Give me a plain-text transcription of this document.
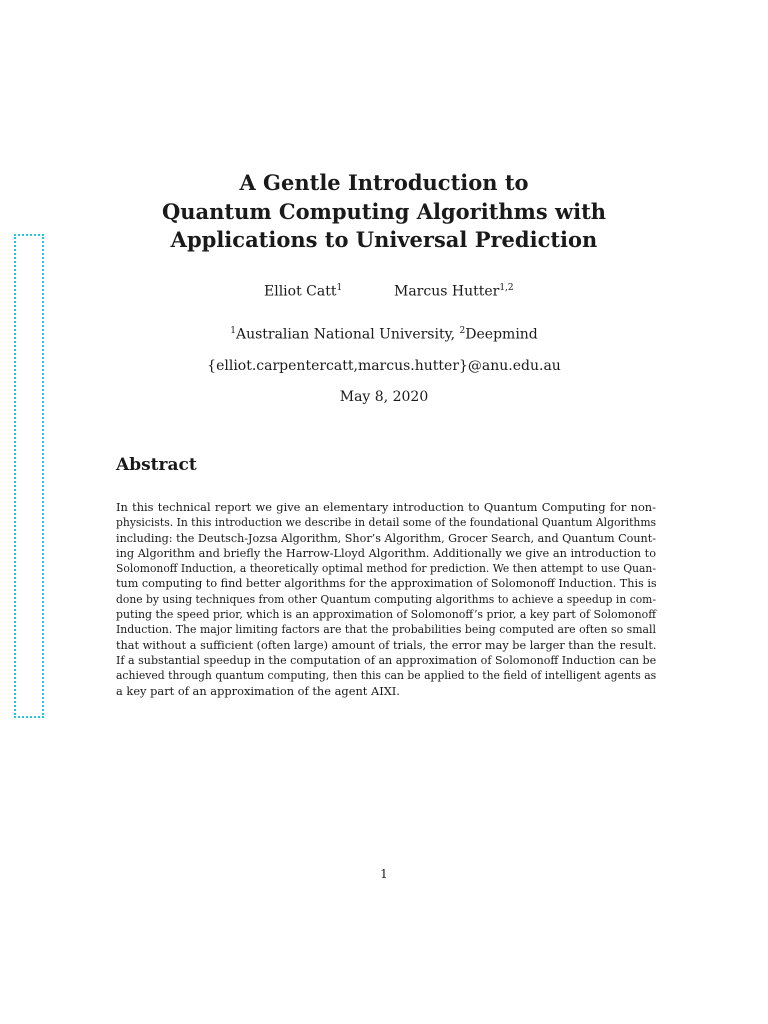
A Gentle Introduction to
Quantum Computing Algorithms with
Applications to Universal Prediction
Elliot Catt$^1$	Marcus Hutter$^{1,2}$
$^1$Australian National University, $^2$Deepmind
{elliot.carpentercatt,marcus.hutter}@anu.edu.au
May 8, 2020
Abstract
In this technical report we give an elementary introduction to Quantum Computing for non-
physicists. In this introduction we describe in detail some of the foundational Quantum Algorithms
including: the Deutsch-Jozsa Algorithm, Shor’s Algorithm, Grocer Search, and Quantum Count-
ing Algorithm and briefly the Harrow-Lloyd Algorithm. Additionally we give an introduction to
Solomonoff Induction, a theoretically optimal method for prediction. We then attempt to use Quan-
tum computing to find better algorithms for the approximation of Solomonoff Induction. This is
done by using techniques from other Quantum computing algorithms to achieve a speedup in com-
puting the speed prior, which is an approximation of Solomonoff’s prior, a key part of Solomonoff
Induction. The major limiting factors are that the probabilities being computed are often so small
that without a sufficient (often large) amount of trials, the error may be larger than the result.
If a substantial speedup in the computation of an approximation of Solomonoff Induction can be
achieved through quantum computing, then this can be applied to the field of intelligent agents as
a key part of an approximation of the agent AIXI.
1
